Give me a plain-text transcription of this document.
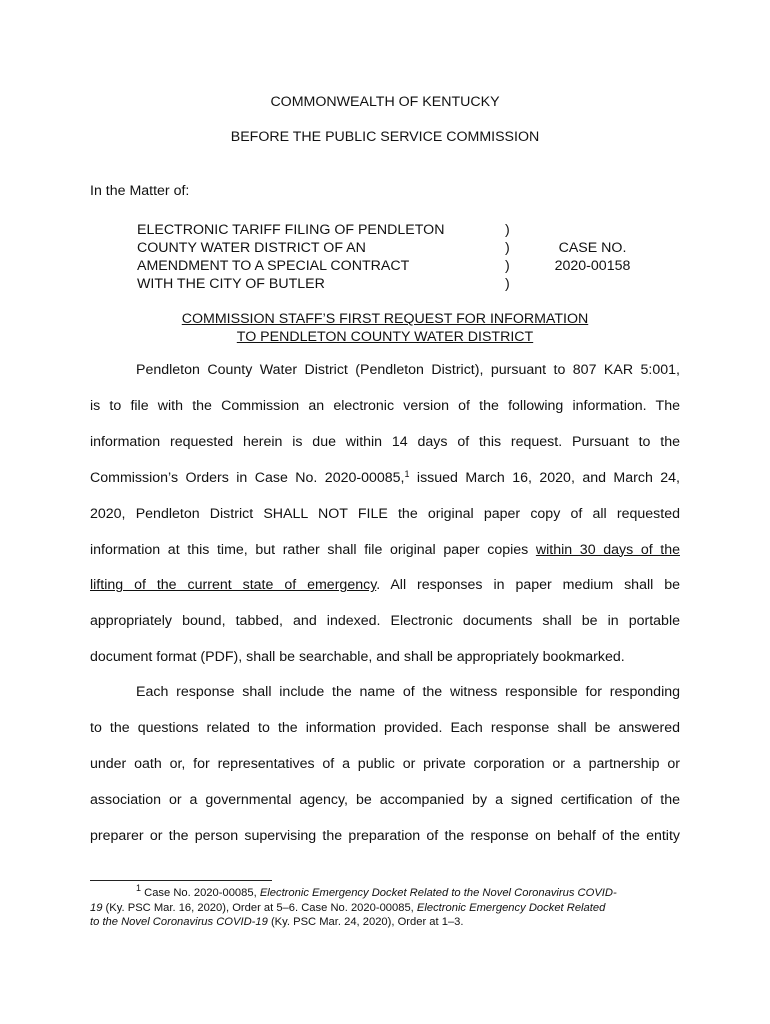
COMMONWEALTH OF KENTUCKY
BEFORE THE PUBLIC SERVICE COMMISSION
In the Matter of:
ELECTRONIC TARIFF FILING OF PENDLETON
COUNTY WATER DISTRICT OF AN
AMENDMENT TO A SPECIAL CONTRACT
WITH THE CITY OF BUTLER
)
)
)
)
CASE NO.
2020-00158
COMMISSION STAFF’S FIRST REQUEST FOR INFORMATION
TO PENDLETON COUNTY WATER DISTRICT
Pendleton County Water District (Pendleton District), pursuant to 807 KAR 5:001,
is to file with the Commission an electronic version of the following information. The
information requested herein is due within 14 days of this request. Pursuant to the
Commission’s Orders in Case No. 2020-00085,$^1$ issued March 16, 2020, and March 24,
2020, Pendleton District SHALL NOT FILE the original paper copy of all requested
information at this time, but rather shall file original paper copies within 30 days of the
lifting of the current state of emergency. All responses in paper medium shall be
appropriately bound, tabbed, and indexed. Electronic documents shall be in portable
document format (PDF), shall be searchable, and shall be appropriately bookmarked.
Each response shall include the name of the witness responsible for responding
to the questions related to the information provided. Each response shall be answered
under oath or, for representatives of a public or private corporation or a partnership or
association or a governmental agency, be accompanied by a signed certification of the
preparer or the person supervising the preparation of the response on behalf of the entity
$^1$ Case No. 2020-00085, Electronic Emergency Docket Related to the Novel Coronavirus COVID-
19 (Ky. PSC Mar. 16, 2020), Order at 5–6. Case No. 2020-00085, Electronic Emergency Docket Related
to the Novel Coronavirus COVID-19 (Ky. PSC Mar. 24, 2020), Order at 1–3.
